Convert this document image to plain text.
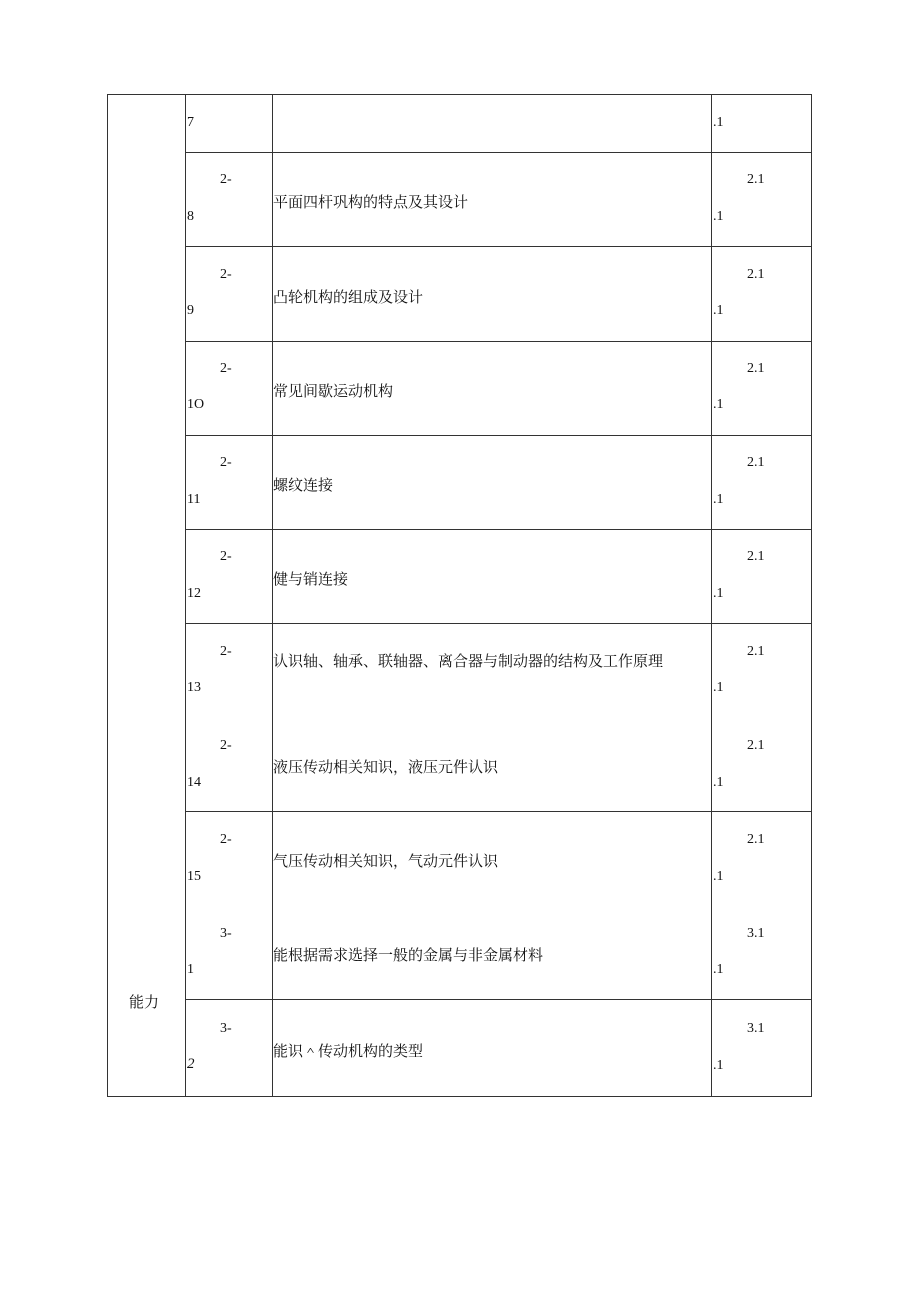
能力
7	.1
2-
8
平面四杆巩构的特点及其设计
2.1
.1
2-
9
凸轮机构的组成及设计
2.1
.1
2-
1O
常见间歇运动机构
2.1
.1
2-
11
螺纹连接
2.1
.1
2-
12
健与销连接
2.1
.1
2-
13
认识轴、轴承、联轴器、离合器与制动器的结构及工作原理
2.1
.1
2-
14
液压传动相关知识，液压元件认识
2.1
.1
2-
15
气压传动相关知识，气动元件认识
2.1
.1
3-
1
能根据需求选择一般的金属与非金属材料
3.1
.1
3-
2
能识＾传动机构的类型
3.1
.1
